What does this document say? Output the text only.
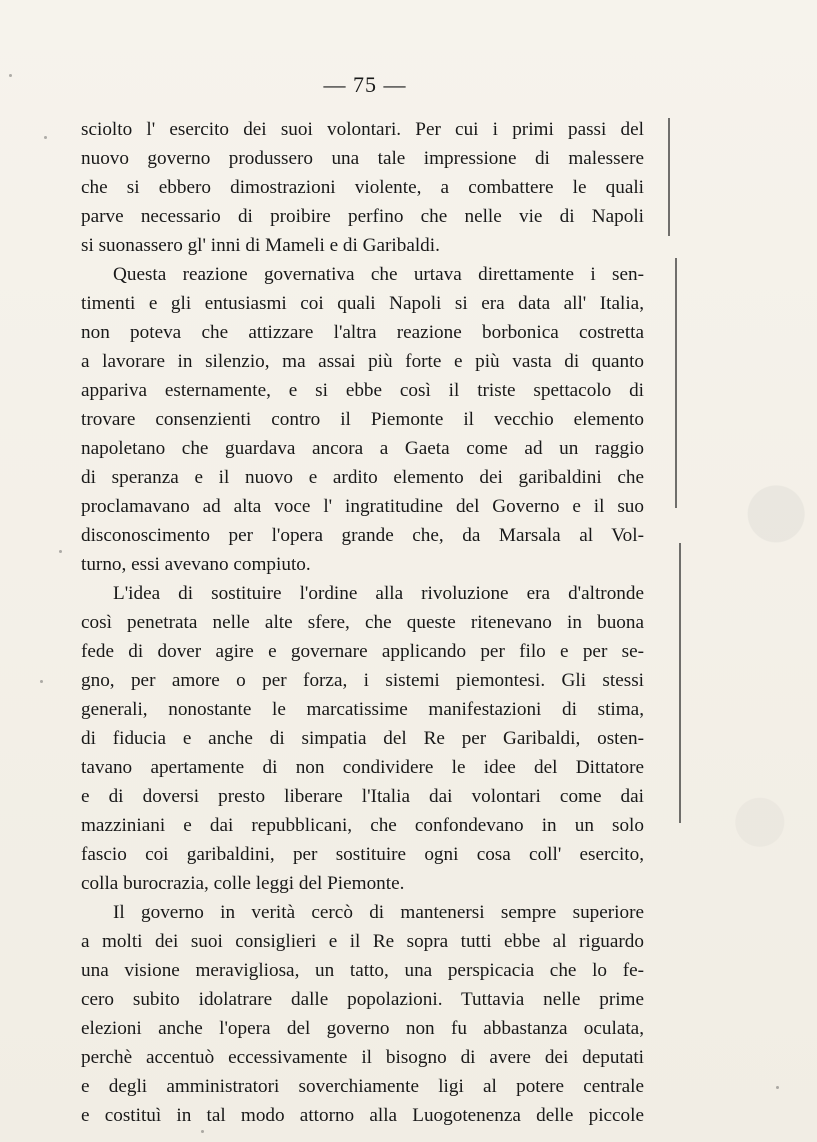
— 75 —
sciolto l' esercito dei suoi volontari. Per cui i primi passi del
nuovo governo produssero una tale impressione di malessere
che si ebbero dimostrazioni violente, a combattere le quali
parve necessario di proibire perfino che nelle vie di Napoli
si suonassero gl' inni di Mameli e di Garibaldi.
Questa reazione governativa che urtava direttamente i sen-
timenti e gli entusiasmi coi quali Napoli si era data all' Italia,
non poteva che attizzare l'altra reazione borbonica costretta
a lavorare in silenzio, ma assai più forte e più vasta di quanto
appariva esternamente, e si ebbe così il triste spettacolo di
trovare consenzienti contro il Piemonte il vecchio elemento
napoletano che guardava ancora a Gaeta come ad un raggio
di speranza e il nuovo e ardito elemento dei garibaldini che
proclamavano ad alta voce l' ingratitudine del Governo e il suo
disconoscimento per l'opera grande che, da Marsala al Vol-
turno, essi avevano compiuto.
L'idea di sostituire l'ordine alla rivoluzione era d'altronde
così penetrata nelle alte sfere, che queste ritenevano in buona
fede di dover agire e governare applicando per filo e per se-
gno, per amore o per forza, i sistemi piemontesi. Gli stessi
generali, nonostante le marcatissime manifestazioni di stima,
di fiducia e anche di simpatia del Re per Garibaldi, osten-
tavano apertamente di non condividere le idee del Dittatore
e di doversi presto liberare l'Italia dai volontari come dai
mazziniani e dai repubblicani, che confondevano in un solo
fascio coi garibaldini, per sostituire ogni cosa coll' esercito,
colla burocrazia, colle leggi del Piemonte.
Il governo in verità cercò di mantenersi sempre superiore
a molti dei suoi consiglieri e il Re sopra tutti ebbe al riguardo
una visione meravigliosa, un tatto, una perspicacia che lo fe-
cero subito idolatrare dalle popolazioni. Tuttavia nelle prime
elezioni anche l'opera del governo non fu abbastanza oculata,
perchè accentuò eccessivamente il bisogno di avere dei deputati
e degli amministratori soverchiamente ligi al potere centrale
e costituì in tal modo attorno alla Luogotenenza delle piccole
